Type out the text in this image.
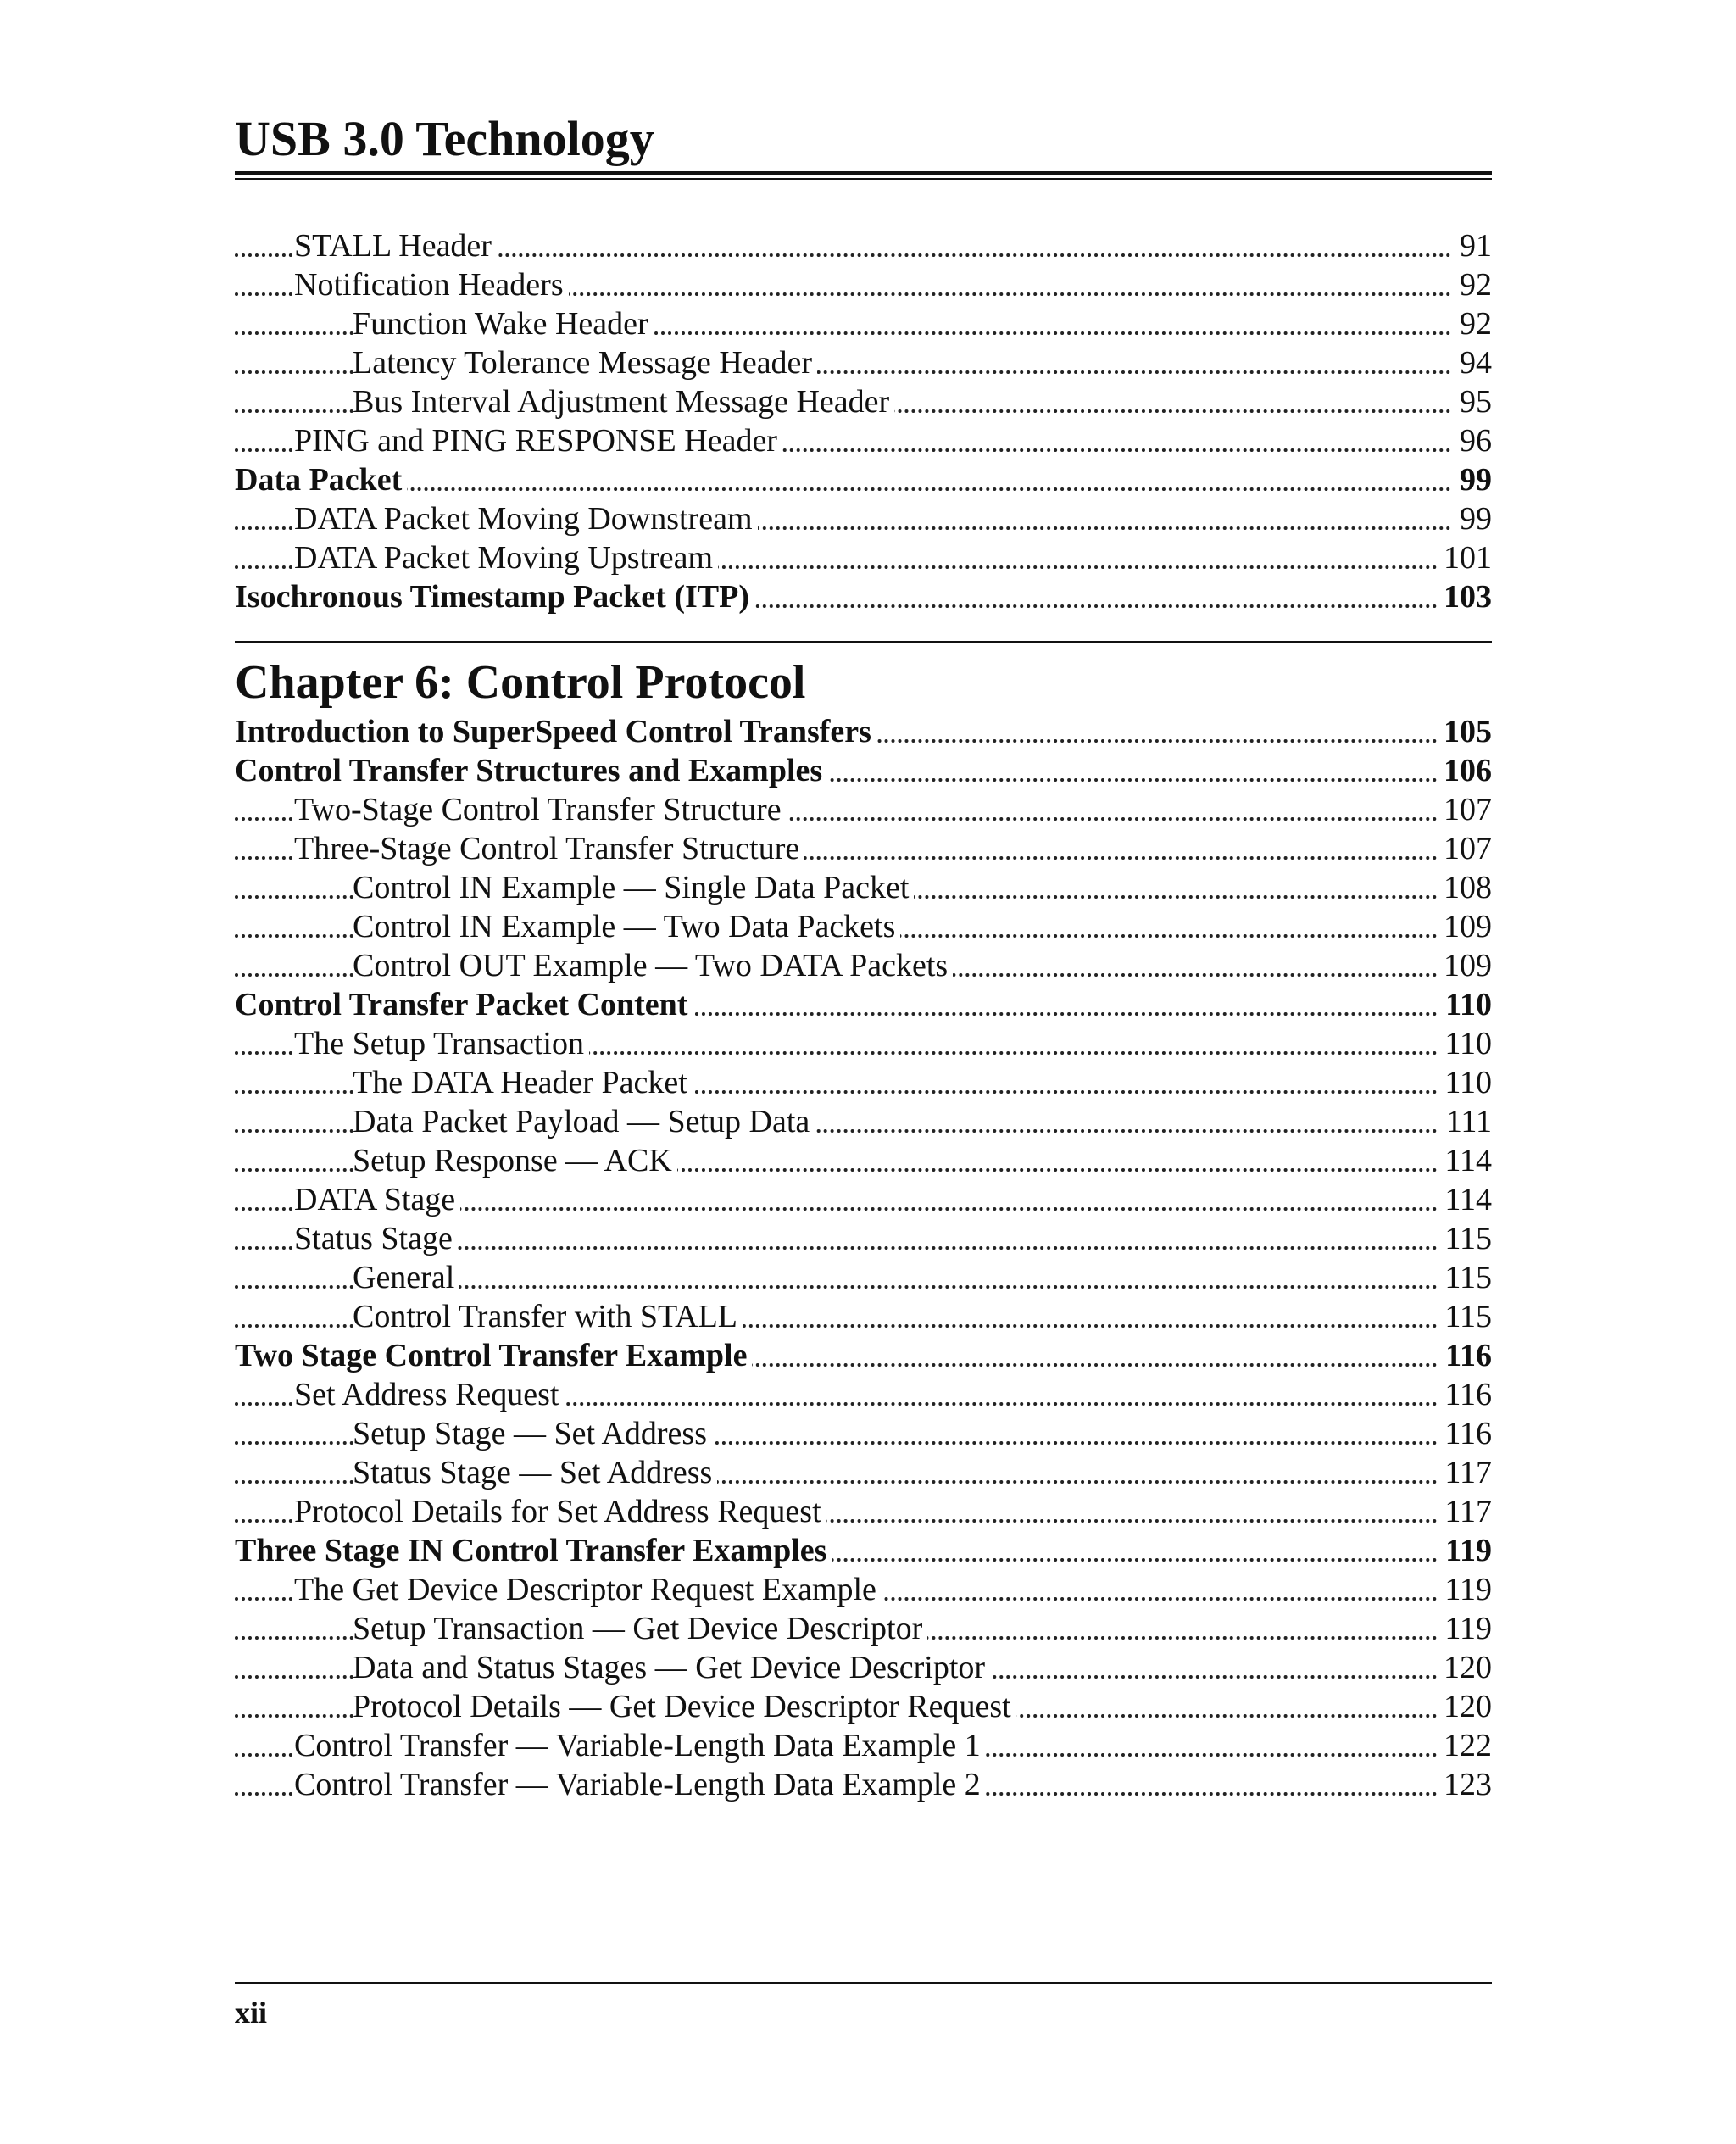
USB 3.0 Technology
STALL Header	91
Notification Headers	92
Function Wake Header	92
Latency Tolerance Message Header	94
Bus Interval Adjustment Message Header	95
PING and PING RESPONSE Header	96
Data Packet	99
DATA Packet Moving Downstream	99
DATA Packet Moving Upstream	101
Isochronous Timestamp Packet (ITP)	103
Chapter 6: Control Protocol
Introduction to SuperSpeed Control Transfers	105
Control Transfer Structures and Examples	106
Two-Stage Control Transfer Structure	107
Three-Stage Control Transfer Structure	107
Control IN Example — Single Data Packet	108
Control IN Example — Two Data Packets	109
Control OUT Example — Two DATA Packets	109
Control Transfer Packet Content	110
The Setup Transaction	110
The DATA Header Packet	110
Data Packet Payload — Setup Data	111
Setup Response — ACK	114
DATA Stage	114
Status Stage	115
General	115
Control Transfer with STALL	115
Two Stage Control Transfer Example	116
Set Address Request	116
Setup Stage — Set Address	116
Status Stage — Set Address	117
Protocol Details for Set Address Request	117
Three Stage IN Control Transfer Examples	119
The Get Device Descriptor Request Example	119
Setup Transaction — Get Device Descriptor	119
Data and Status Stages — Get Device Descriptor	120
Protocol Details — Get Device Descriptor Request	120
Control Transfer — Variable-Length Data Example 1	122
Control Transfer — Variable-Length Data Example 2	123
xii
